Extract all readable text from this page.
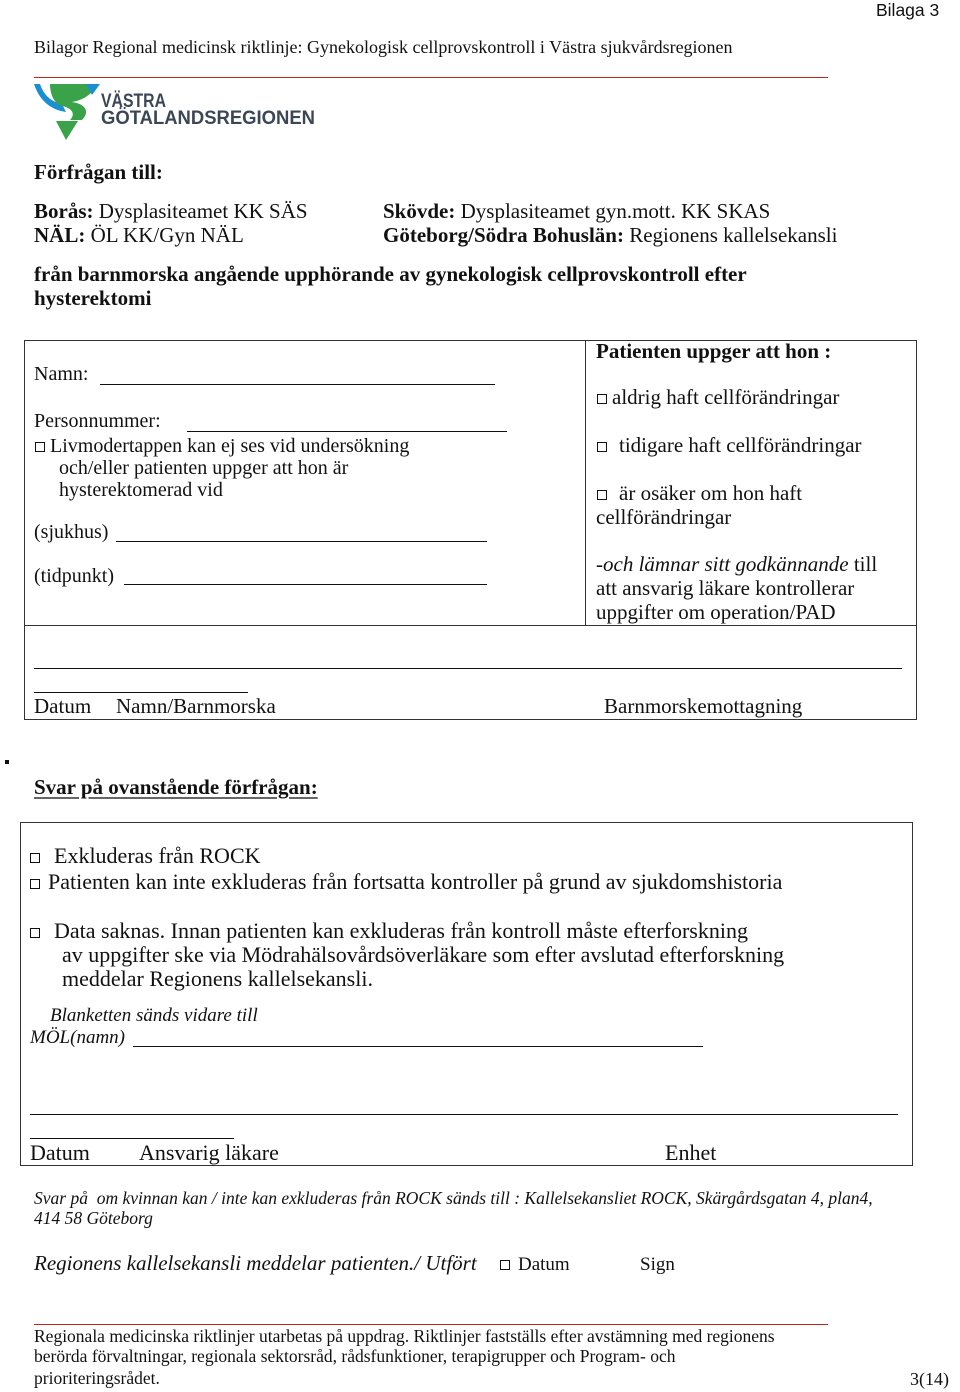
Bilaga 3
Bilagor Regional medicinsk riktlinje: Gynekologisk cellprovskontroll i Västra sjukvårdsregionen
VÄSTRA
GÖTALANDSREGIONEN
Förfrågan till:
Borås: Dysplasiteamet KK SÄS
NÄL: ÖL KK/Gyn NÄL
Skövde: Dysplasiteamet gyn.mott. KK SKAS
Göteborg/Södra Bohuslän: Regionens kallelsekansli
från barnmorska angående upphörande av gynekologisk cellprovskontroll efter
hysterektomi
Namn:
Personnummer:
Livmodertappen kan ej ses vid undersökning
och/eller patienten uppger att hon är
hysterektomerad vid
(sjukhus)
(tidpunkt)
Patienten uppger att hon :
aldrig haft cellförändringar
tidigare haft cellförändringar
är osäker om hon haft
cellförändringar
-och lämnar sitt godkännande till
att ansvarig läkare kontrollerar
uppgifter om operation/PAD
Datum Namn/Barnmorska	Barnmorskemottagning
Svar på ovanstående förfrågan:
Exkluderas från ROCK
Patienten kan inte exkluderas från fortsatta kontroller på grund av sjukdomshistoria
Data saknas. Innan patienten kan exkluderas från kontroll måste efterforskning
av uppgifter ske via Mödrahälsovårdsöverläkare som efter avslutad efterforskning
meddelar Regionens kallelsekansli.
Blanketten sänds vidare till
MÖL(namn)
Datum Ansvarig läkare	Enhet
Svar på  om kvinnan kan / inte kan exkluderas från ROCK sänds till : Kallelsekansliet ROCK, Skärgårdsgatan 4, plan4,
414 58 Göteborg
Regionens kallelsekansli meddelar patienten./ Utfört	Datum	Sign
Regionala medicinska riktlinjer utarbetas på uppdrag. Riktlinjer fastställs efter avstämning med regionens
berörda förvaltningar, regionala sektorsråd, rådsfunktioner, terapigrupper och Program- och
prioriteringsrådet.	3(14)
